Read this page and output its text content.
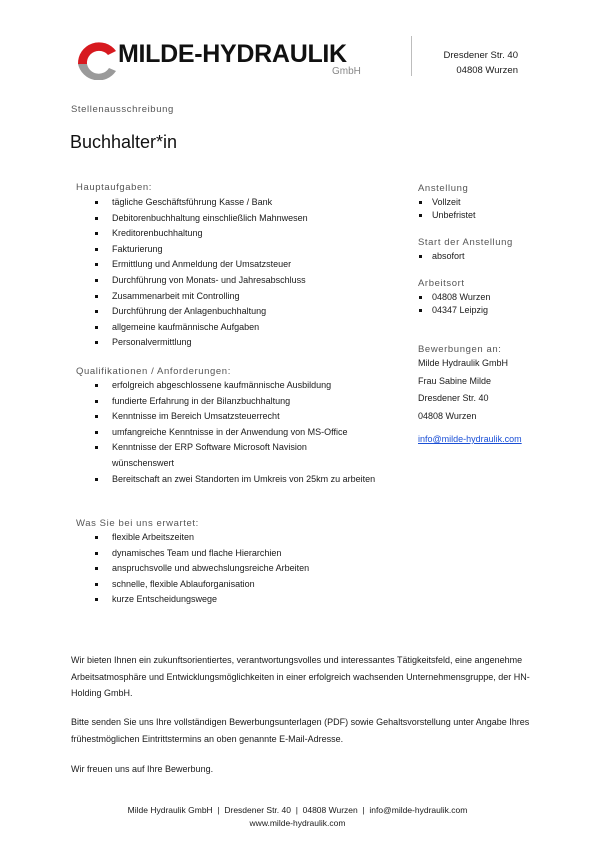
MILDE-HYDRAULIK
GmbH
Dresdener Str. 40
04808 Wurzen
Stellenausschreibung
Buchhalter*in
Hauptaufgaben:
tägliche Geschäftsführung Kasse / Bank
Debitorenbuchhaltung einschließlich Mahnwesen
Kreditorenbuchhaltung
Fakturierung
Ermittlung und Anmeldung der Umsatzsteuer
Durchführung von Monats- und Jahresabschluss
Zusammenarbeit mit Controlling
Durchführung der Anlagenbuchhaltung
allgemeine kaufmännische Aufgaben
Personalvermittlung
Qualifikationen / Anforderungen:
erfolgreich abgeschlossene kaufmännische Ausbildung
fundierte Erfahrung in der Bilanzbuchhaltung
Kenntnisse im Bereich Umsatzsteuerrecht
umfangreiche Kenntnisse in der Anwendung von MS-Office
Kenntnisse der ERP Software Microsoft Navision wünschenswert
Bereitschaft an zwei Standorten im Umkreis von 25km zu arbeiten
Was Sie bei uns erwartet:
flexible Arbeitszeiten
dynamisches Team und flache Hierarchien
anspruchsvolle und abwechslungsreiche Arbeiten
schnelle, flexible Ablauforganisation
kurze Entscheidungswege
Anstellung
Vollzeit
Unbefristet
Start der Anstellung
absofort
Arbeitsort
04808 Wurzen
04347 Leipzig
Bewerbungen an:
Milde Hydraulik GmbH
Frau Sabine Milde
Dresdener Str. 40
04808 Wurzen
info@milde-hydraulik.com
Wir bieten Ihnen ein zukunftsorientiertes, verantwortungsvolles und interessantes Tätigkeitsfeld, eine angenehme Arbeitsatmosphäre und Entwicklungsmöglichkeiten in einer erfolgreich wachsenden Unternehmensgruppe, der HN-Holding GmbH.
Bitte senden Sie uns Ihre vollständigen Bewerbungsunterlagen (PDF) sowie Gehaltsvorstellung unter Angabe Ihres frühestmöglichen Eintrittstermins an oben genannte E-Mail-Adresse.
Wir freuen uns auf Ihre Bewerbung.
Milde Hydraulik GmbH  |  Dresdener Str. 40  |  04808 Wurzen  |  info@milde-hydraulik.com
www.milde-hydraulik.com
